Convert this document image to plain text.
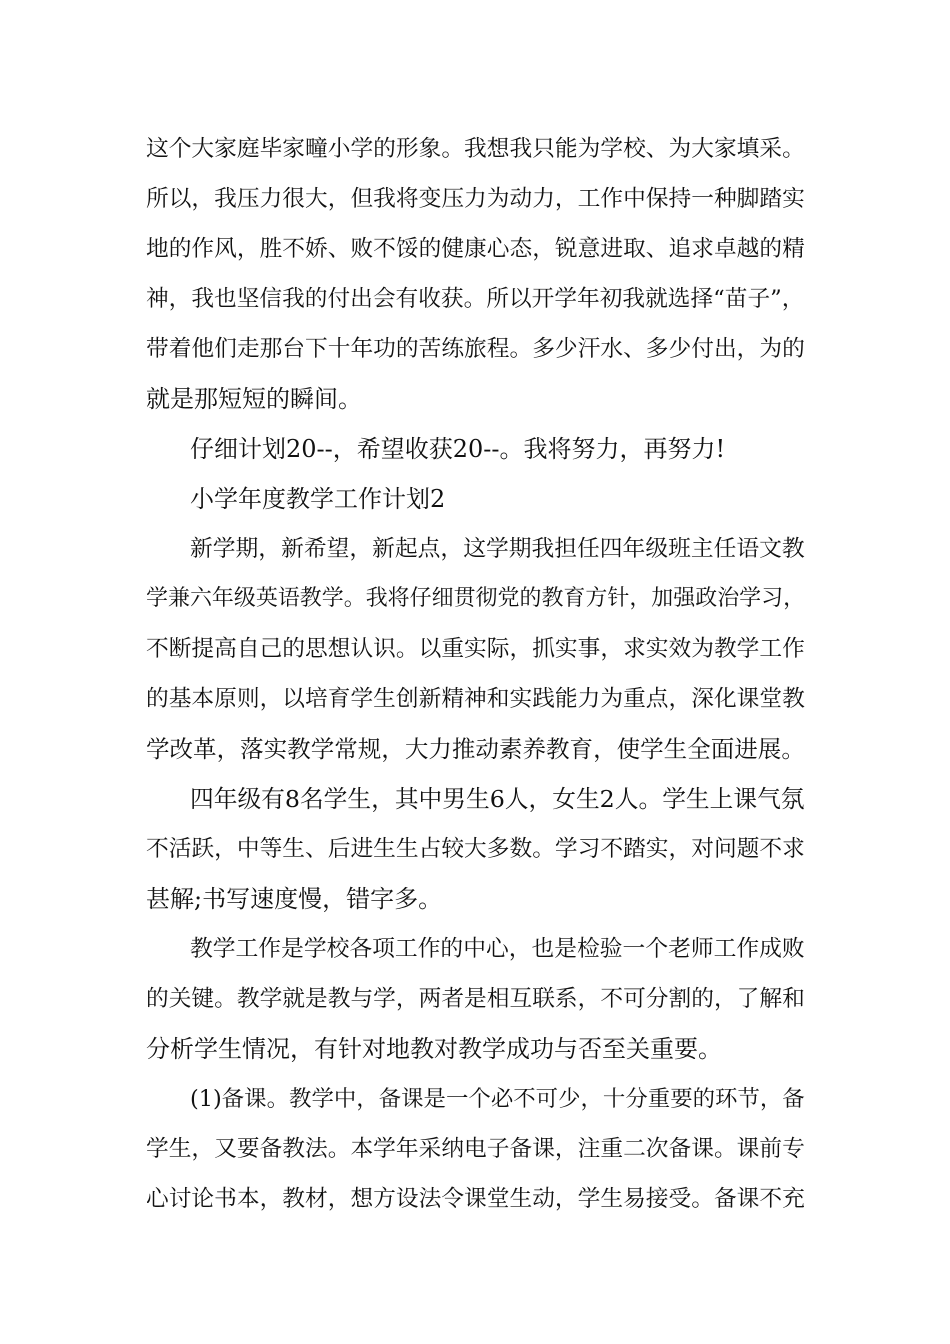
这个大家庭毕家疃小学的形象。我想我只能为学校、为大家填采。
所以，我压力很大，但我将变压力为动力，工作中保持一种脚踏实
地的作风，胜不娇、败不馁的健康心态，锐意进取、追求卓越的精
神，我也坚信我的付出会有收获。所以开学年初我就选择“苗子”，
带着他们走那台下十年功的苦练旅程。多少汗水、多少付出，为的
就是那短短的瞬间。
仔细计划20--，希望收获20--。我将努力，再努力!
小学年度教学工作计划2
新学期，新希望，新起点，这学期我担任四年级班主任语文教
学兼六年级英语教学。我将仔细贯彻党的教育方针，加强政治学习，
不断提高自己的思想认识。以重实际，抓实事，求实效为教学工作
的基本原则，以培育学生创新精神和实践能力为重点，深化课堂教
学改革，落实教学常规，大力推动素养教育，使学生全面进展。
四年级有8名学生，其中男生6人，女生2人。学生上课气氛
不活跃，中等生、后进生生占较大多数。学习不踏实，对问题不求
甚解;书写速度慢，错字多。
教学工作是学校各项工作的中心，也是检验一个老师工作成败
的关键。教学就是教与学，两者是相互联系，不可分割的，了解和
分析学生情况，有针对地教对教学成功与否至关重要。
(1)备课。教学中，备课是一个必不可少，十分重要的环节，备
学生，又要备教法。本学年采纳电子备课，注重二次备课。课前专
心讨论书本，教材，想方设法令课堂生动，学生易接受。备课不充
